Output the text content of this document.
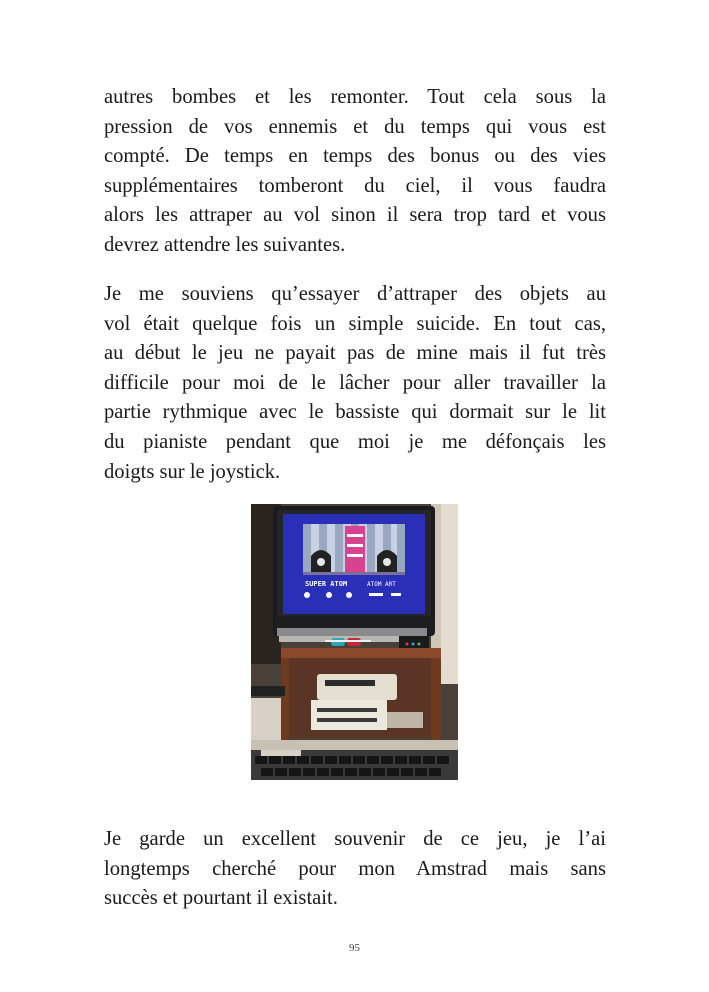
autres bombes et les remonter. Tout cela sous la
pression de vos ennemis et du temps qui vous est
compté. De temps en temps des bonus ou des vies
supplémentaires tomberont du ciel, il vous faudra
alors les attraper au vol sinon il sera trop tard et vous
devrez attendre les suivantes.
Je me souviens qu’essayer d’attraper des objets au
vol était quelque fois un simple suicide. En tout cas,
au début le jeu ne payait pas de mine mais il fut très
difficile pour moi de le lâcher pour aller travailler la
partie rythmique avec le bassiste qui dormait sur le lit
du pianiste pendant que moi je me défonçais les
doigts sur le joystick.
SUPER ATOM	ATOM ART
Je garde un excellent souvenir de ce jeu, je l’ai
longtemps cherché pour mon Amstrad mais sans
succès et pourtant il existait.
95
